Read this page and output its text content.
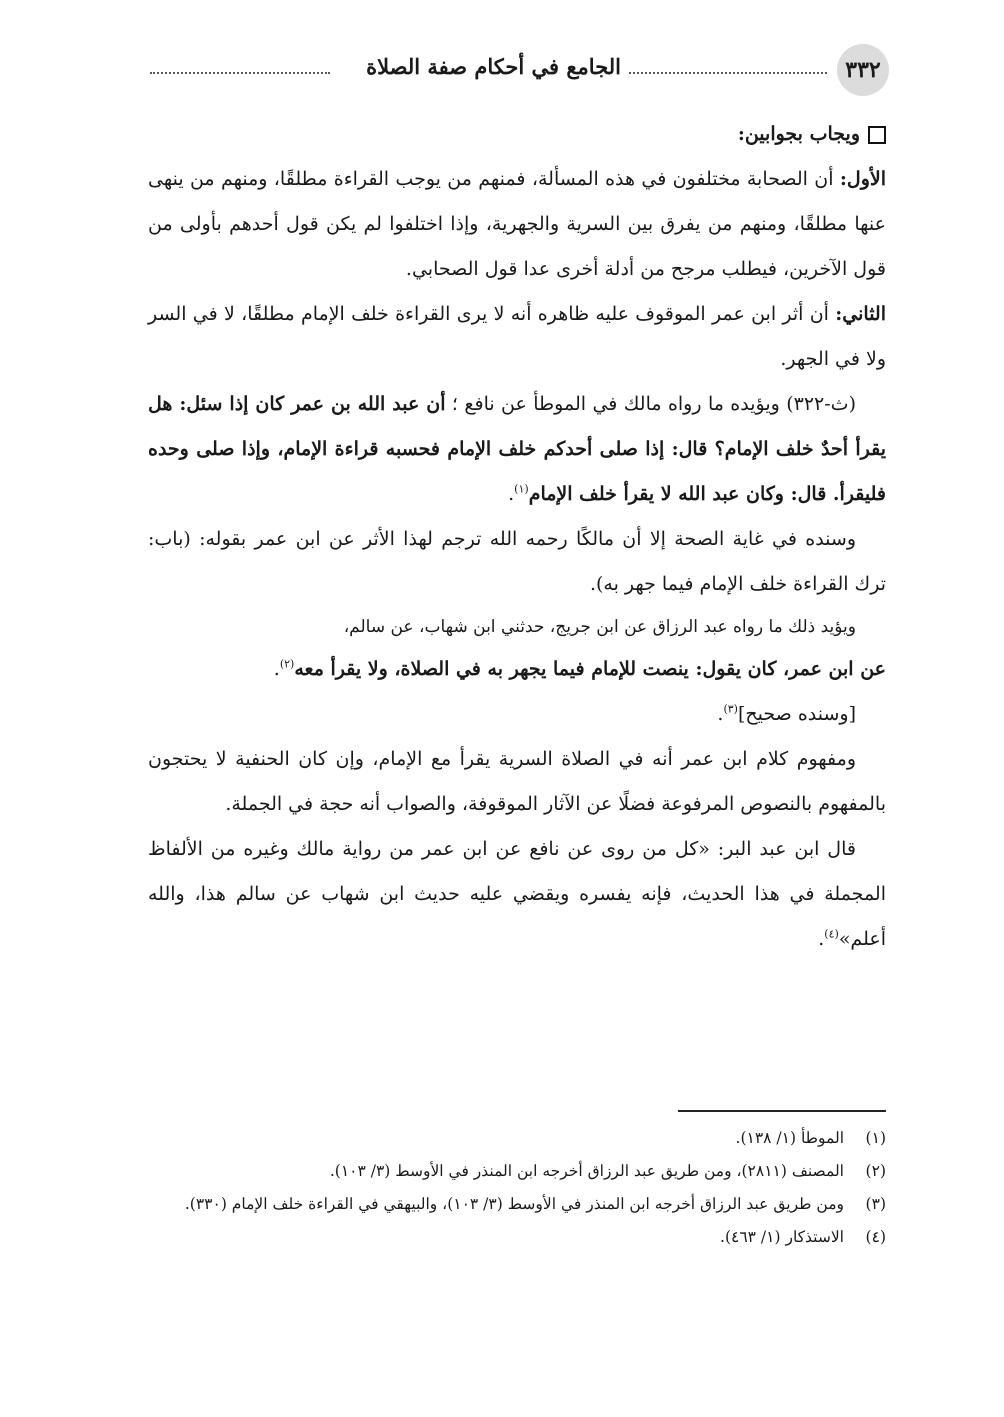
٣٣٢
الجامع في أحكام صفة الصلاة
ويجاب بجوابين:

الأول: أن الصحابة مختلفون في هذه المسألة، فمنهم من يوجب القراءة مطلقًا، ومنهم من ينهى عنها مطلقًا، ومنهم من يفرق بين السرية والجهرية، وإذا اختلفوا لم يكن قول أحدهم بأولى من قول الآخرين، فيطلب مرجح من أدلة أخرى عدا قول الصحابي.

الثاني: أن أثر ابن عمر الموقوف عليه ظاهره أنه لا يرى القراءة خلف الإمام مطلقًا، لا في السر ولا في الجهر.

(ث-٣٢٢) ويؤيده ما رواه مالك في الموطأ عن نافع ؛ أن عبد الله بن عمر كان إذا سئل: هل يقرأ أحدٌ خلف الإمام؟ قال: إذا صلى أحدكم خلف الإمام فحسبه قراءة الإمام، وإذا صلى وحده فليقرأ. قال: وكان عبد الله لا يقرأ خلف الإمام$^{(١)}$.

وسنده في غاية الصحة إلا أن مالكًا رحمه الله ترجم لهذا الأثر عن ابن عمر بقوله: (باب: ترك القراءة خلف الإمام فيما جهر به).

ويؤيد ذلك ما رواه عبد الرزاق عن ابن جريج، حدثني ابن شهاب، عن سالم،

عن ابن عمر، كان يقول: ينصت للإمام فيما يجهر به في الصلاة، ولا يقرأ معه$^{(٢)}$.

[وسنده صحيح]$^{(٣)}$.

ومفهوم كلام ابن عمر أنه في الصلاة السرية يقرأ مع الإمام، وإن كان الحنفية لا يحتجون بالمفهوم بالنصوص المرفوعة فضلًا عن الآثار الموقوفة، والصواب أنه حجة في الجملة.

قال ابن عبد البر: «كل من روى عن نافع عن ابن عمر من رواية مالك وغيره من الألفاظ المجملة في هذا الحديث، فإنه يفسره ويقضي عليه حديث ابن شهاب عن سالم هذا، والله أعلم»$^{(٤)}$.

(١)
الموطأ (١/ ١٣٨).
(٢)
المصنف (٢٨١١)، ومن طريق عبد الرزاق أخرجه ابن المنذر في الأوسط (٣/ ١٠٣).
(٣)
ومن طريق عبد الرزاق أخرجه ابن المنذر في الأوسط (٣/ ١٠٣)، والبيهقي في القراءة خلف الإمام (٣٣٠).
(٤)
الاستذكار (١/ ٤٦٣).
